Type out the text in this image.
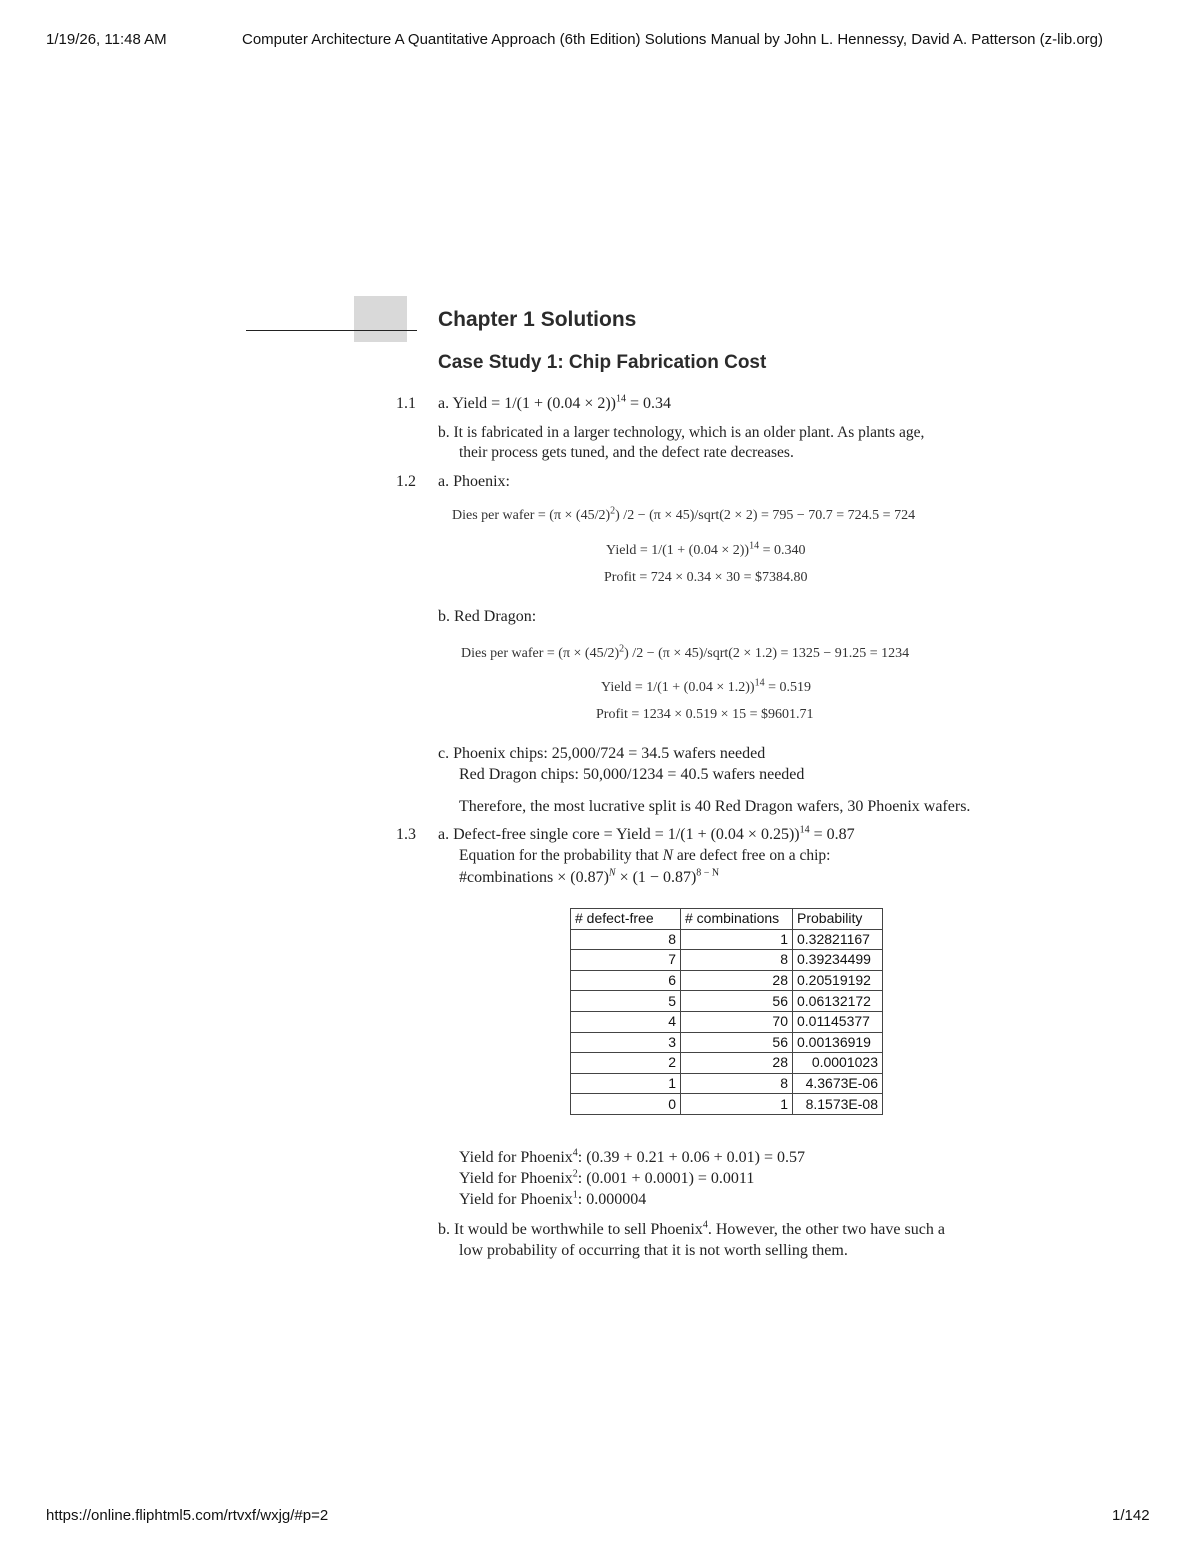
1/19/26, 11:48 AM	Computer Architecture A Quantitative Approach (6th Edition) Solutions Manual by John L. Hennessy, David A. Patterson (z-lib.org)
Chapter 1 Solutions
Case Study 1: Chip Fabrication Cost
1.1 a. Yield = $1/(1 + (0.04 \times 2))^{14} = 0.34$
b. It is fabricated in a larger technology, which is an older plant. As plants age,
their process gets tuned, and the defect rate decreases.
1.2 a. Phoenix:
Dies per wafer = $(\pi \times (45/2)^2)$ /2 − (π × 45)/sqrt(2 × 2) = 795 − 70.7 = 724.5 = 724
Yield = $1/(1 + (0.04 \times 2))^{14} = 0.340$
Profit = 724 × 0.34 × 30 = $7384.80
b. Red Dragon:
Dies per wafer = $(\pi \times (45/2)^2)$ /2 − (π × 45)/sqrt(2 × 1.2) = 1325 − 91.25 = 1234
Yield = $1/(1 + (0.04 \times 1.2))^{14} = 0.519$
Profit = 1234 × 0.519 × 15 = $9601.71
c. Phoenix chips: 25,000/724 = 34.5 wafers needed
Red Dragon chips: 50,000/1234 = 40.5 wafers needed
Therefore, the most lucrative split is 40 Red Dragon wafers, 30 Phoenix wafers.
1.3 a. Defect-free single core = Yield = $1/(1 + (0.04 \times 0.25))^{14} = 0.87$
Equation for the probability that N are defect free on a chip:
#combinations × $(0.87)^N \times (1 - 0.87)^{8 - N}$
# defect-free	# combinations	Probability
8	1	0.32821167
7	8	0.39234499
6	28	0.20519192
5	56	0.06132172
4	70	0.01145377
3	56	0.00136919
2	28	0.0001023
1	8	4.3673E-06
0	1	8.1573E-08
Yield for Phoenix$^4$: (0.39 + 0.21 + 0.06 + 0.01) = 0.57
Yield for Phoenix$^2$: (0.001 + 0.0001) = 0.0011
Yield for Phoenix$^1$: 0.000004
b. It would be worthwhile to sell Phoenix$^4$. However, the other two have such a
low probability of occurring that it is not worth selling them.
https://online.fliphtml5.com/rtvxf/wxjg/#p=2	1/142
